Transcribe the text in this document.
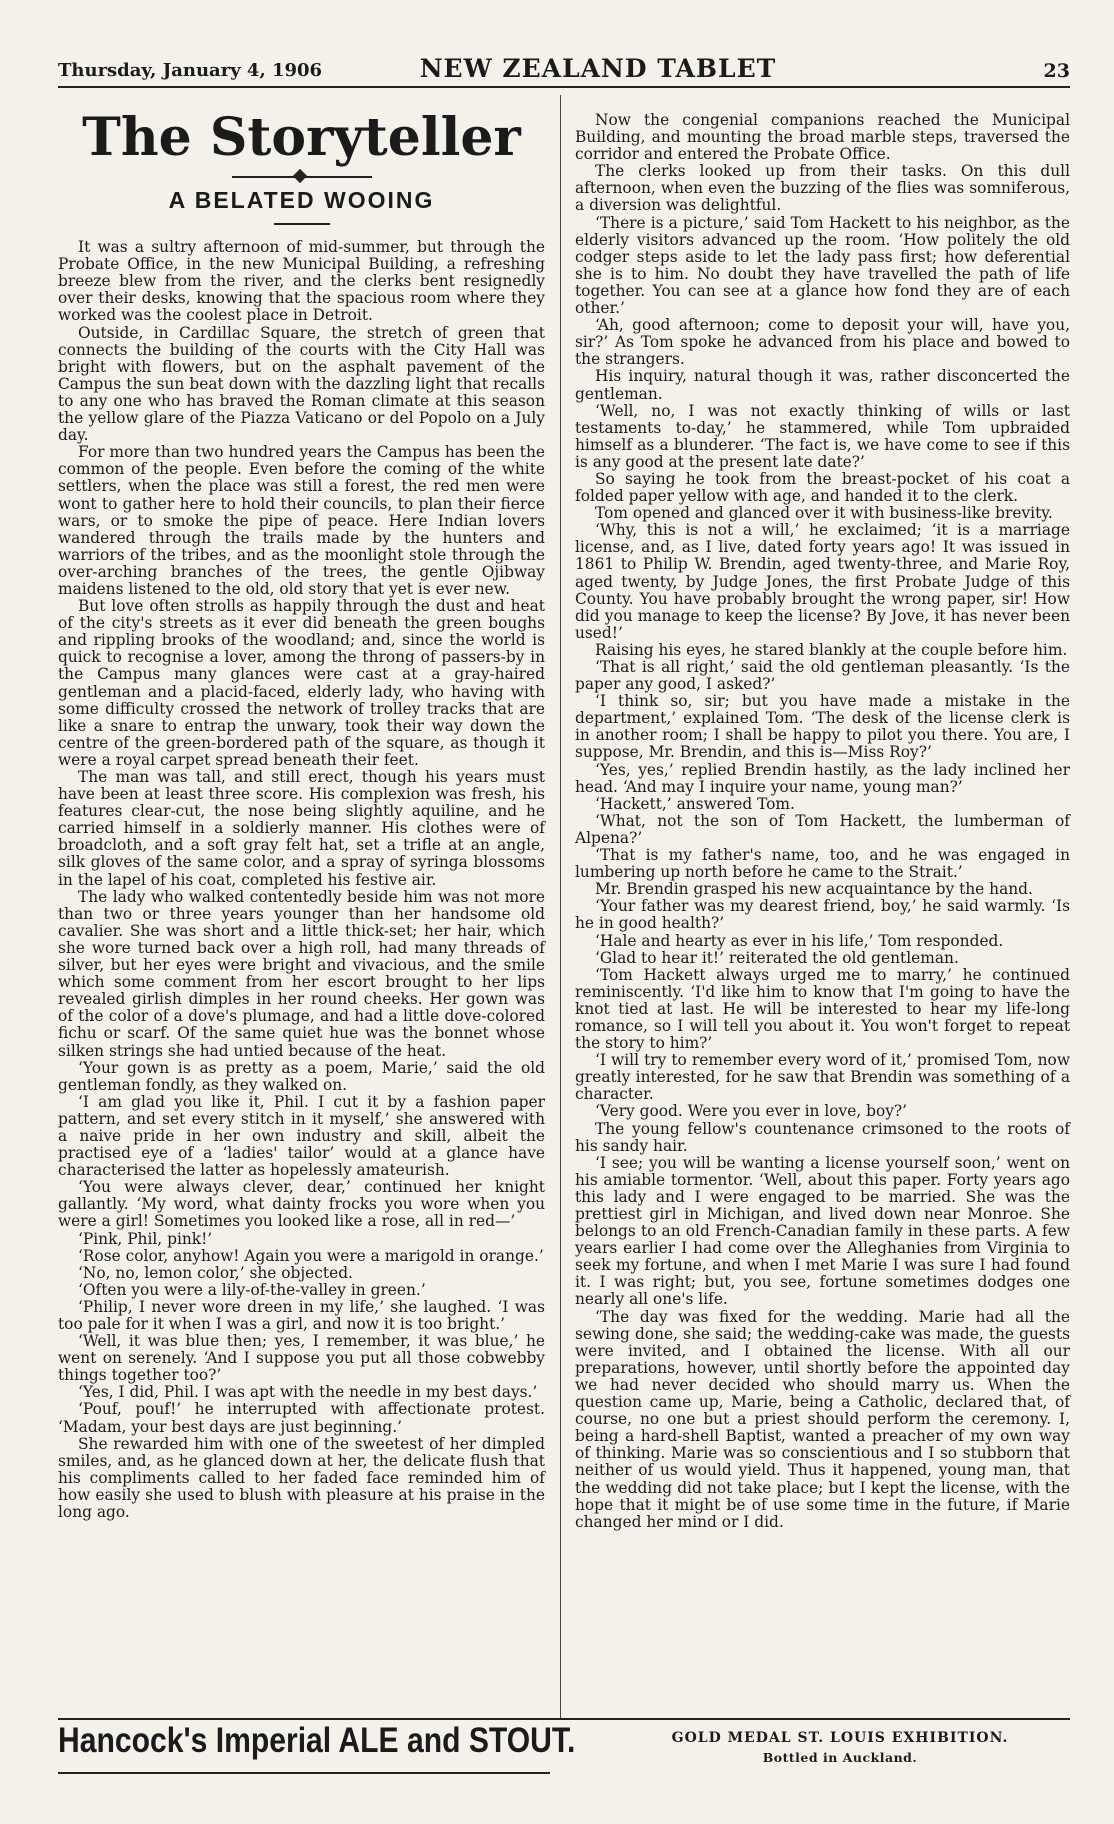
Thursday, January 4, 1906	NEW ZEALAND TABLET	23
The Storyteller
A BELATED WOOING

It was a sultry afternoon of mid-summer, but through the Probate Office, in the new Municipal Building, a refreshing breeze blew from the river, and the clerks bent resignedly over their desks, knowing that the spacious room where they worked was the coolest place in Detroit.

Outside, in Cardillac Square, the stretch of green that connects the building of the courts with the City Hall was bright with flowers, but on the asphalt pavement of the Campus the sun beat down with the dazzling light that recalls to any one who has braved the Roman climate at this season the yellow glare of the Piazza Vaticano or del Popolo on a July day.

For more than two hundred years the Campus has been the common of the people. Even before the coming of the white settlers, when the place was still a forest, the red men were wont to gather here to hold their councils, to plan their fierce wars, or to smoke the pipe of peace. Here Indian lovers wandered through the trails made by the hunters and warriors of the tribes, and as the moonlight stole through the over-arching branches of the trees, the gentle Ojibway maidens listened to the old, old story that yet is ever new.

But love often strolls as happily through the dust and heat of the city's streets as it ever did beneath the green boughs and rippling brooks of the woodland; and, since the world is quick to recognise a lover, among the throng of passers-by in the Campus many glances were cast at a gray-haired gentleman and a placid-faced, elderly lady, who having with some difficulty crossed the network of trolley tracks that are like a snare to entrap the unwary, took their way down the centre of the green-bordered path of the square, as though it were a royal carpet spread beneath their feet.

The man was tall, and still erect, though his years must have been at least three score. His complexion was fresh, his features clear-cut, the nose being slightly aquiline, and he carried himself in a soldierly manner. His clothes were of broadcloth, and a soft gray felt hat, set a trifle at an angle, silk gloves of the same color, and a spray of syringa blossoms in the lapel of his coat, completed his festive air.

The lady who walked contentedly beside him was not more than two or three years younger than her handsome old cavalier. She was short and a little thick-set; her hair, which she wore turned back over a high roll, had many threads of silver, but her eyes were bright and vivacious, and the smile which some comment from her escort brought to her lips revealed girlish dimples in her round cheeks. Her gown was of the color of a dove's plumage, and had a little dove-colored fichu or scarf. Of the same quiet hue was the bonnet whose silken strings she had untied because of the heat.

‘Your gown is as pretty as a poem, Marie,’ said the old gentleman fondly, as they walked on.

‘I am glad you like it, Phil. I cut it by a fashion paper pattern, and set every stitch in it myself,’ she answered with a naive pride in her own industry and skill, albeit the practised eye of a ‘ladies' tailor’ would at a glance have characterised the latter as hopelessly amateurish.

‘You were always clever, dear,’ continued her knight gallantly. ‘My word, what dainty frocks you wore when you were a girl! Sometimes you looked like a rose, all in red—’

‘Pink, Phil, pink!’

‘Rose color, anyhow! Again you were a marigold in orange.’

‘No, no, lemon color,’ she objected.

‘Often you were a lily-of-the-valley in green.’

‘Philip, I never wore dreen in my life,’ she laughed. ‘I was too pale for it when I was a girl, and now it is too bright.’

‘Well, it was blue then; yes, I remember, it was blue,’ he went on serenely. ‘And I suppose you put all those cobwebby things together too?’

‘Yes, I did, Phil. I was apt with the needle in my best days.’

‘Pouf, pouf!’ he interrupted with affectionate protest. ‘Madam, your best days are just beginning.’

She rewarded him with one of the sweetest of her dimpled smiles, and, as he glanced down at her, the delicate flush that his compliments called to her faded face reminded him of how easily she used to blush with pleasure at his praise in the long ago.

Now the congenial companions reached the Municipal Building, and mounting the broad marble steps, traversed the corridor and entered the Probate Office.

The clerks looked up from their tasks. On this dull afternoon, when even the buzzing of the flies was somniferous, a diversion was delightful.

‘There is a picture,’ said Tom Hackett to his neighbor, as the elderly visitors advanced up the room. ‘How politely the old codger steps aside to let the lady pass first; how deferential she is to him. No doubt they have travelled the path of life together. You can see at a glance how fond they are of each other.’

‘Ah, good afternoon; come to deposit your will, have you, sir?’ As Tom spoke he advanced from his place and bowed to the strangers.

His inquiry, natural though it was, rather disconcerted the gentleman.

‘Well, no, I was not exactly thinking of wills or last testaments to-day,’ he stammered, while Tom upbraided himself as a blunderer. ‘The fact is, we have come to see if this is any good at the present late date?’

So saying he took from the breast-pocket of his coat a folded paper yellow with age, and handed it to the clerk.

Tom opened and glanced over it with business-like brevity.

‘Why, this is not a will,’ he exclaimed; ‘it is a marriage license, and, as I live, dated forty years ago! It was issued in 1861 to Philip W. Brendin, aged twenty-three, and Marie Roy, aged twenty, by Judge Jones, the first Probate Judge of this County. You have probably brought the wrong paper, sir! How did you manage to keep the license? By Jove, it has never been used!’

Raising his eyes, he stared blankly at the couple before him.

‘That is all right,’ said the old gentleman pleasantly. ‘Is the paper any good, I asked?’

‘I think so, sir; but you have made a mistake in the department,’ explained Tom. ‘The desk of the license clerk is in another room; I shall be happy to pilot you there. You are, I suppose, Mr. Brendin, and this is—Miss Roy?’

‘Yes, yes,’ replied Brendin hastily, as the lady inclined her head. ‘And may I inquire your name, young man?’

‘Hackett,’ answered Tom.

‘What, not the son of Tom Hackett, the lumberman of Alpena?’

‘That is my father's name, too, and he was engaged in lumbering up north before he came to the Strait.’

Mr. Brendin grasped his new acquaintance by the hand.

‘Your father was my dearest friend, boy,’ he said warmly. ‘Is he in good health?’

‘Hale and hearty as ever in his life,’ Tom responded.

‘Glad to hear it!’ reiterated the old gentleman.

‘Tom Hackett always urged me to marry,’ he continued reminiscently. ‘I'd like him to know that I'm going to have the knot tied at last. He will be interested to hear my life-long romance, so I will tell you about it. You won't forget to repeat the story to him?’

‘I will try to remember every word of it,’ promised Tom, now greatly interested, for he saw that Brendin was something of a character.

‘Very good. Were you ever in love, boy?’

The young fellow's countenance crimsoned to the roots of his sandy hair.

‘I see; you will be wanting a license yourself soon,’ went on his amiable tormentor. ‘Well, about this paper. Forty years ago this lady and I were engaged to be married. She was the prettiest girl in Michigan, and lived down near Monroe. She belongs to an old French-Canadian family in these parts. A few years earlier I had come over the Alleghanies from Virginia to seek my fortune, and when I met Marie I was sure I had found it. I was right; but, you see, fortune sometimes dodges one nearly all one's life.

‘The day was fixed for the wedding. Marie had all the sewing done, she said; the wedding-cake was made, the guests were invited, and I obtained the license. With all our preparations, however, until shortly before the appointed day we had never decided who should marry us. When the question came up, Marie, being a Catholic, declared that, of course, no one but a priest should perform the ceremony. I, being a hard-shell Baptist, wanted a preacher of my own way of thinking. Marie was so conscientious and I so stubborn that neither of us would yield. Thus it happened, young man, that the wedding did not take place; but I kept the license, with the hope that it might be of use some time in the future, if Marie changed her mind or I did.

Hancock's Imperial ALE and STOUT.	GOLD MEDAL ST. LOUIS EXHIBITION.
Bottled in Auckland.
